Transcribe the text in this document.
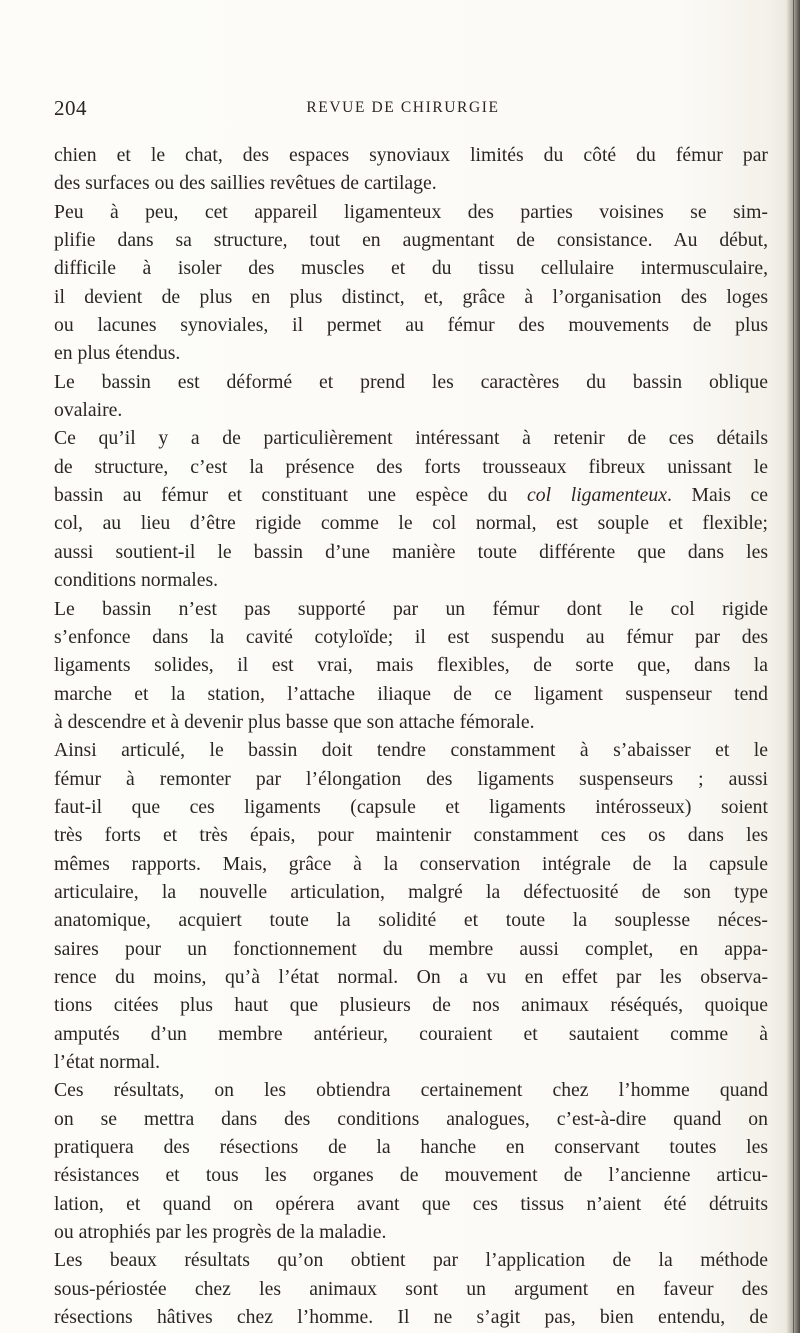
204	REVUE DE CHIRURGIE
chien et le chat, des espaces synoviaux limités du côté du fémur par
des surfaces ou des saillies revêtues de cartilage.
Peu à peu, cet appareil ligamenteux des parties voisines se sim-
plifie dans sa structure, tout en augmentant de consistance. Au début,
difficile à isoler des muscles et du tissu cellulaire intermusculaire,
il devient de plus en plus distinct, et, grâce à l’organisation des loges
ou lacunes synoviales, il permet au fémur des mouvements de plus
en plus étendus.
Le bassin est déformé et prend les caractères du bassin oblique
ovalaire.
Ce qu’il y a de particulièrement intéressant à retenir de ces détails
de structure, c’est la présence des forts trousseaux fibreux unissant le
bassin au fémur et constituant une espèce du col ligamenteux. Mais ce
col, au lieu d’être rigide comme le col normal, est souple et flexible;
aussi soutient-il le bassin d’une manière toute différente que dans les
conditions normales.
Le bassin n’est pas supporté par un fémur dont le col rigide
s’enfonce dans la cavité cotyloïde; il est suspendu au fémur par des
ligaments solides, il est vrai, mais flexibles, de sorte que, dans la
marche et la station, l’attache iliaque de ce ligament suspenseur tend
à descendre et à devenir plus basse que son attache fémorale.
Ainsi articulé, le bassin doit tendre constamment à s’abaisser et le
fémur à remonter par l’élongation des ligaments suspenseurs ; aussi
faut-il que ces ligaments (capsule et ligaments intérosseux) soient
très forts et très épais, pour maintenir constamment ces os dans les
mêmes rapports. Mais, grâce à la conservation intégrale de la capsule
articulaire, la nouvelle articulation, malgré la défectuosité de son type
anatomique, acquiert toute la solidité et toute la souplesse néces-
saires pour un fonctionnement du membre aussi complet, en appa-
rence du moins, qu’à l’état normal. On a vu en effet par les observa-
tions citées plus haut que plusieurs de nos animaux réséqués, quoique
amputés d’un membre antérieur, couraient et sautaient comme à
l’état normal.
Ces résultats, on les obtiendra certainement chez l’homme quand
on se mettra dans des conditions analogues, c’est-à-dire quand on
pratiquera des résections de la hanche en conservant toutes les
résistances et tous les organes de mouvement de l’ancienne articu-
lation, et quand on opérera avant que ces tissus n’aient été détruits
ou atrophiés par les progrès de la maladie.
Les beaux résultats qu’on obtient par l’application de la méthode
sous-périostée chez les animaux sont un argument en faveur des
résections hâtives chez l’homme. Il ne s’agit pas, bien entendu, de
